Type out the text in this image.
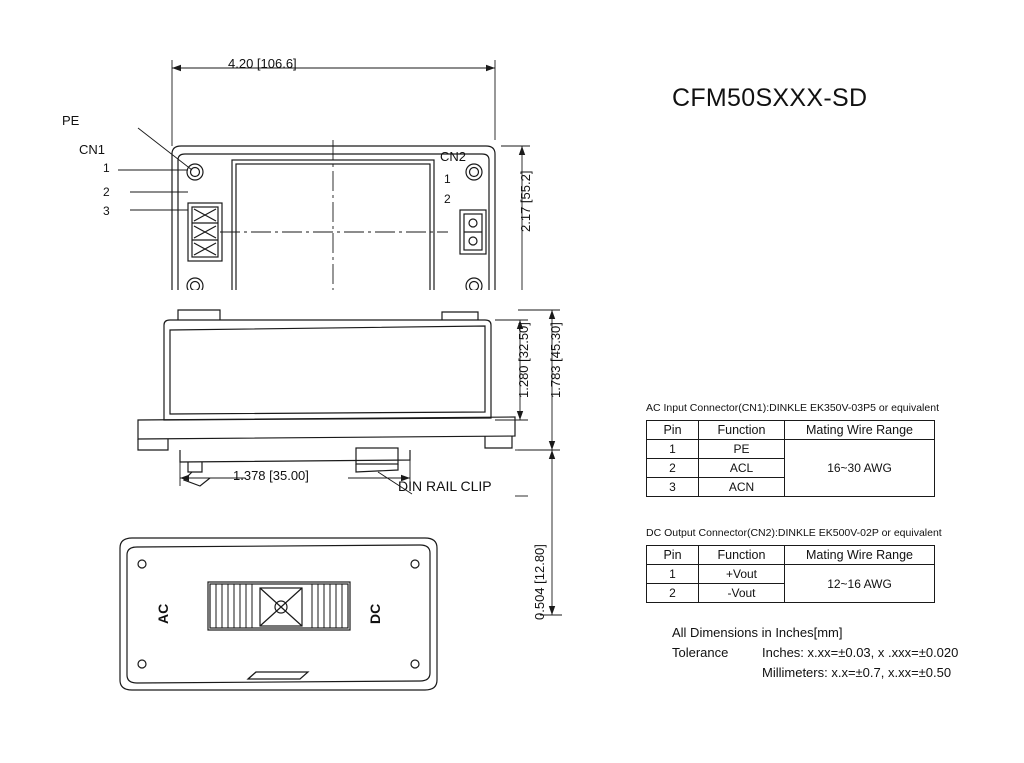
CFM50SXXX-SD
4.20 [106.6]
2.17 [55.2]
PE
CN1
1
2
3
CN2
1
2
1.280 [32.50] 1.783 [45.30]
1.378 [35.00]
DIN RAIL CLIP
0.504 [12.80]
AC	DC
AC Input Connector(CN1):DINKLE EK350V-03P5 or equivalent
Pin	Function	Mating Wire Range
1	PE	16~30 AWG
2	ACL	
3	ACN	
DC Output Connector(CN2):DINKLE EK500V-02P or equivalent
Pin	Function	Mating Wire Range
1	+Vout	12~16 AWG
2	-Vout	
All Dimensions in Inches[mm]
Tolerance	Inches: x.xx=±0.03, x .xxx=±0.020
Millimeters: x.x=±0.7, x.xx=±0.50
